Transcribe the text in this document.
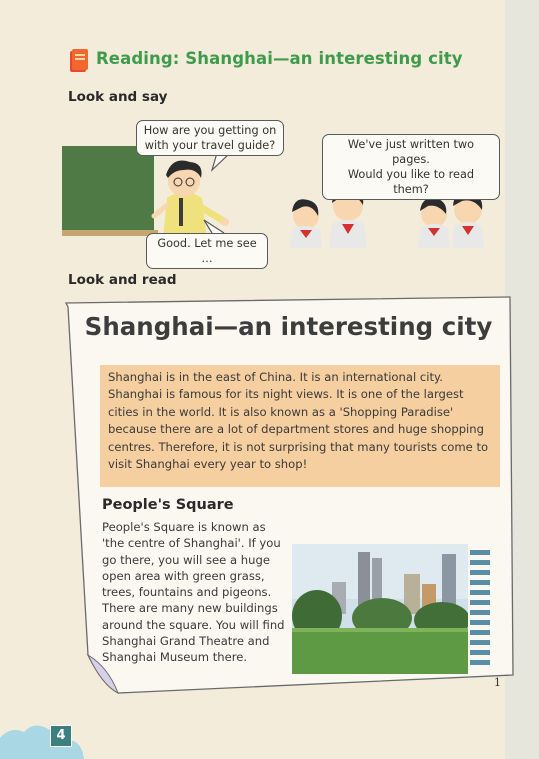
Reading: Shanghai—an interesting city
Look and say
How are you getting on
with your travel guide?	We've just written two pages.
Would you like to read them?
Good. Let me see …
Look and read
Shanghai—an interesting city
Shanghai is in the east of China. It is an international city. Shanghai is famous for its night views. It is one of the largest cities in the world. It is also known as a 'Shopping Paradise' because there are a lot of department stores and huge shopping centres. Therefore, it is not surprising that many tourists come to visit Shanghai every year to shop!
People's Square
People's Square is known as 'the centre of Shanghai'. If you go there, you will see a huge open area with green grass, trees, fountains and pigeons. There are many new buildings around the square. You will find Shanghai Grand Theatre and Shanghai Museum there.
1
4
